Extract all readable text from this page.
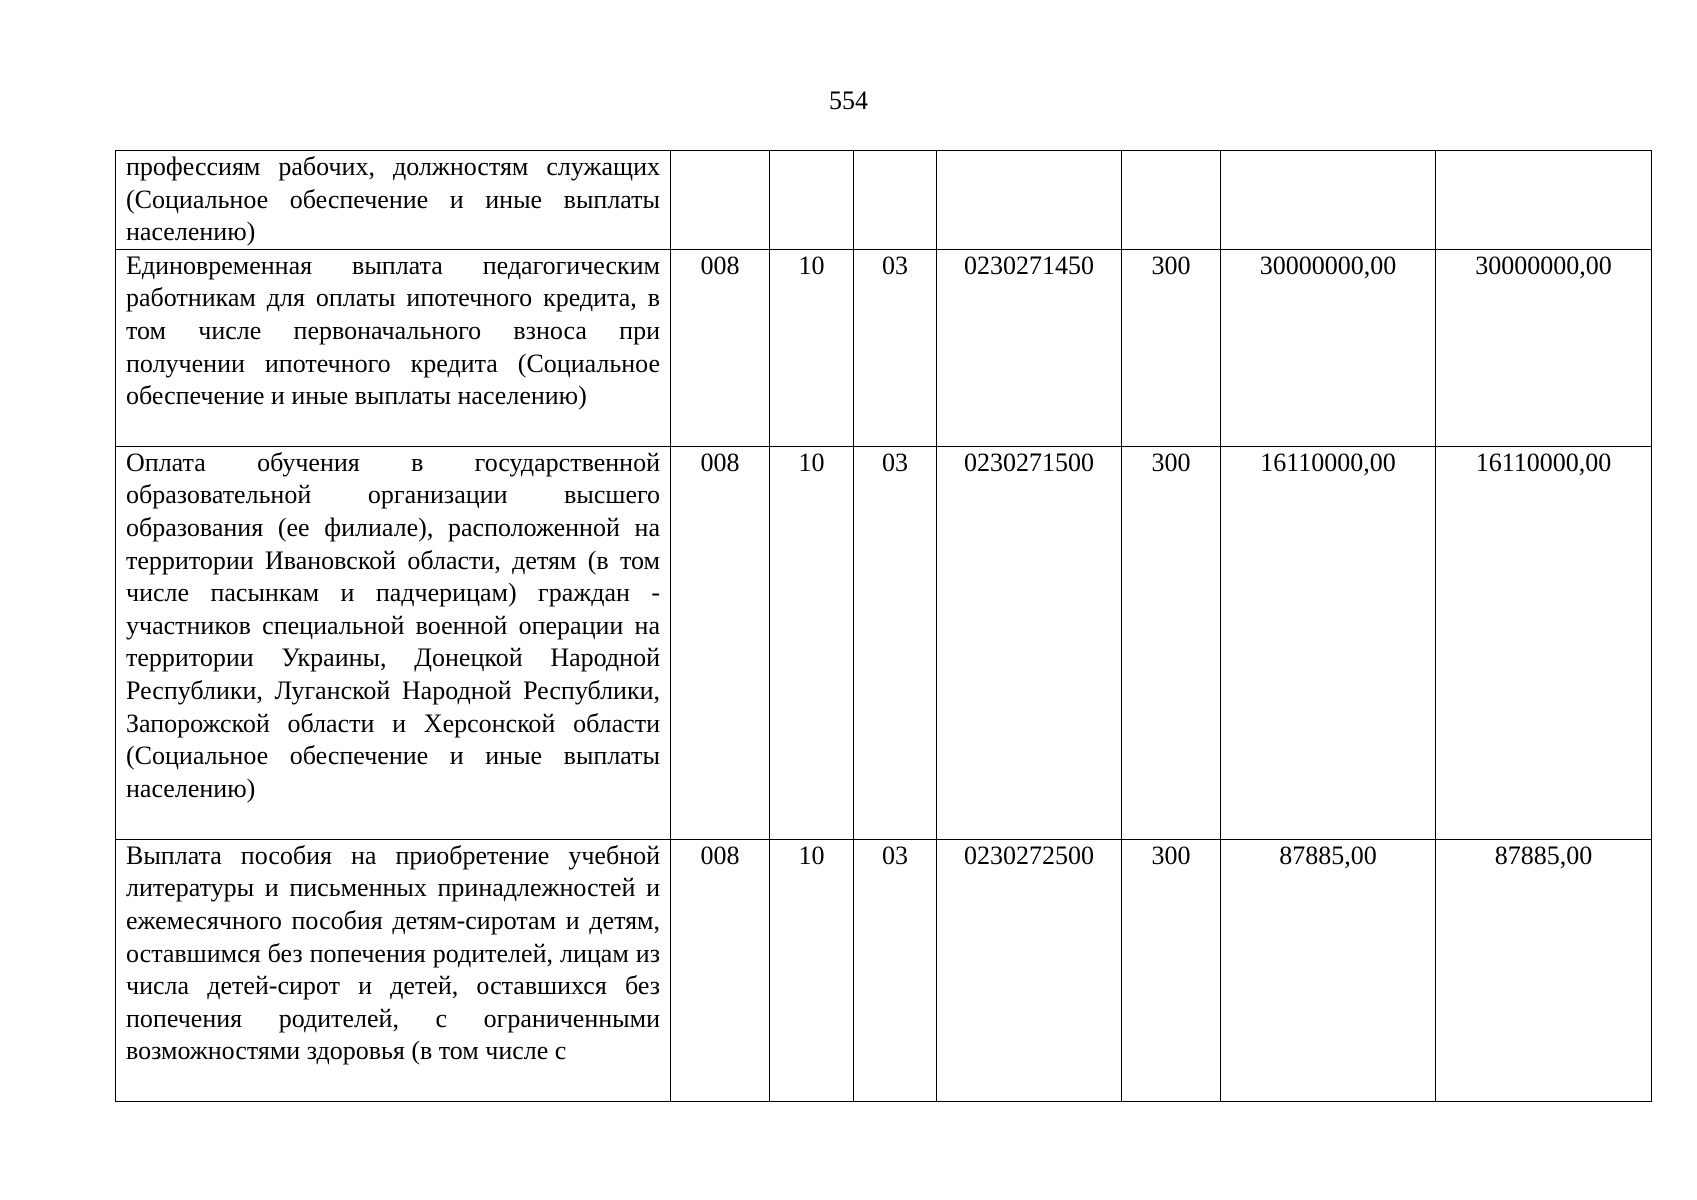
554
профессиям рабочих, должностям служащих (Социальное обеспечение и иные выплаты населению)							
Единовременная выплата педагогическим работникам для оплаты ипотечного кредита, в том числе первоначального взноса при получении ипотечного кредита (Социальное обеспечение и иные выплаты населению)	008	10	03	0230271450	300	30000000,00	30000000,00
Оплата обучения в государственной образовательной организации высшего образования (ее филиале), расположенной на территории Ивановской области, детям (в том числе пасынкам и падчерицам) граждан - участников специальной военной операции на территории Украины, Донецкой Народной Республики, Луганской Народной Республики, Запорожской области и Херсонской области (Социальное обеспечение и иные выплаты населению)	008	10	03	0230271500	300	16110000,00	16110000,00
Выплата пособия на приобретение учебной литературы и письменных принадлежностей и ежемесячного пособия детям-сиротам и детям, оставшимся без попечения родителей, лицам из числа детей-сирот и детей, оставшихся без попечения родителей, с ограниченными возможностями здоровья (в том числе с	008	10	03	0230272500	300	87885,00	87885,00
